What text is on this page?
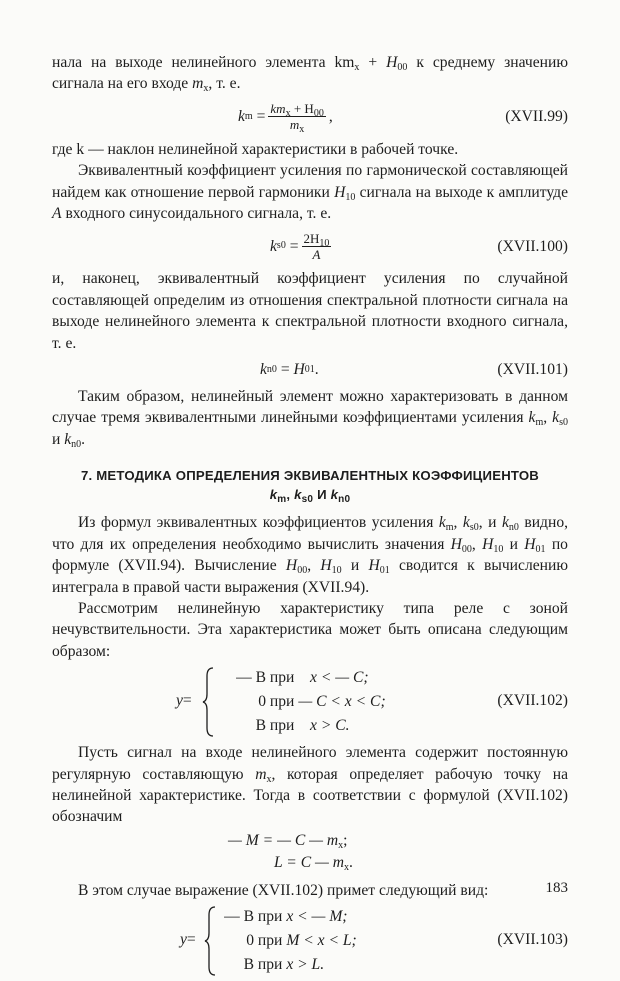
нала на выходе нелинейного элемента $km_x + H_{00}$ к среднему значению сигнала на его входе $m_x$, т. е.

k $m = \frac{km_x + H_{00}}{m_x}$ ,	(XVII.99)

где k — наклон нелинейной характеристики в рабочей точке.

Эквивалентный коэффициент усиления по гармонической составляющей найдем как отношение первой гармоники $H_{10}$ сигнала на выходе к амплитуде A входного синусоидального сигнала, т. е.

k $s0 = \frac{2H_{10}}{A}$	(XVII.100)

и, наконец, эквивалентный коэффициент усиления по случайной составляющей определим из отношения спектральной плотности сигнала на выходе нелинейного элемента к спектральной плотности входного сигнала, т. е.

k n0 = H 01 .	(XVII.101)

Таким образом, нелинейный элемент можно характеризовать в данном случае тремя эквивалентными линейными коэффициентами усиления $k_m$, $k_{s0}$ и $k_{n0}$.

7. МЕТОДИКА ОПРЕДЕЛЕНИЯ ЭКВИВАЛЕНТНЫХ КОЭФФИЦИЕНТОВ
$k_m$, $k_{s0}$ И $k_{n0}$

Из формул эквивалентных коэффициентов усиления $k_m$, $k_{s0}$, и $k_{n0}$ видно, что для их определения необходимо вычислить значения $H_{00}$, $H_{10}$ и $H_{01}$ по формуле (XVII.94). Вычисление $H_{00}$, $H_{10}$ и $H_{01}$ сводится к вычислению интеграла в правой части выражения (XVII.94).

Рассмотрим нелинейную характеристику типа реле с зоной нечувствительности. Эта характеристика может быть описана следующим образом:

y=
— B при x < — C;
0 при — C < x < C;
B при x > C.
(XVII.102)

Пусть сигнал на входе нелинейного элемента содержит постоянную регулярную составляющую $m_x$, которая определяет рабочую точку на нелинейной характеристике. Тогда в соответствии с формулой (XVII.102) обозначим

— M = — C — $m_x$;
L = C — $m_x$.

В этом случае выражение (XVII.102) примет следующий вид:

y=
— B при x < — M;
0 при M < x < L;
B при x > L.
(XVII.103)
183
